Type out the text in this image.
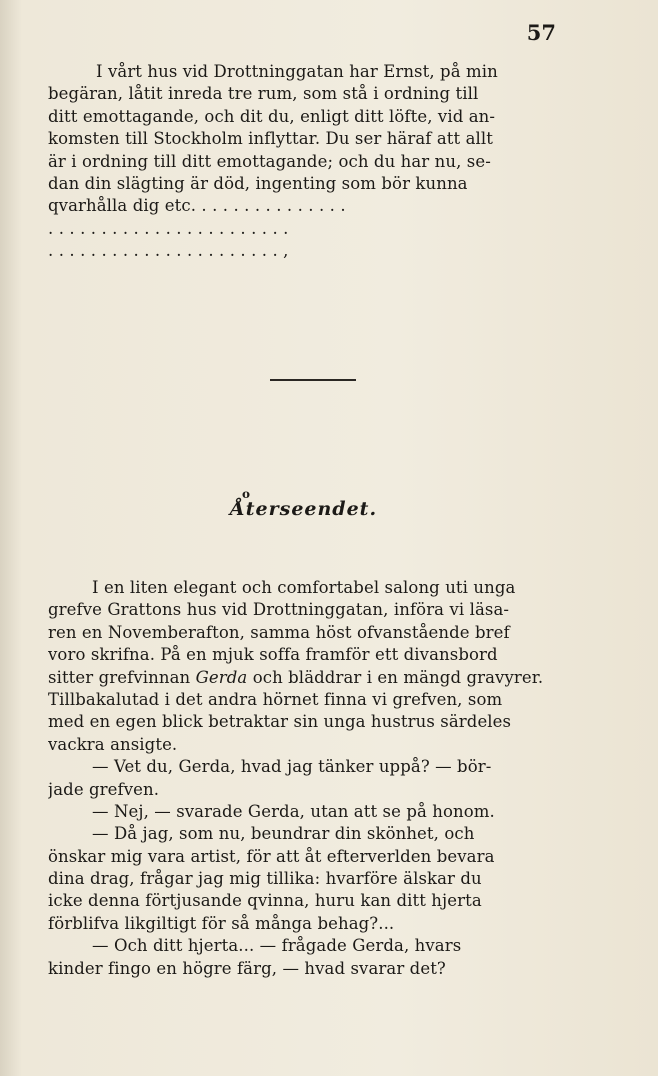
57

I vårt hus vid Drottninggatan har Ernst, på min

begäran, låtit inreda tre rum, som stå i ordning till

ditt emottagande, och dit du, enligt ditt löfte, vid an-

komsten till Stockholm inflyttar. Du ser häraf att allt

är i ordning till ditt emottagande; och du har nu, se-

dan din slägting är död, ingenting som bör kunna

qvarhålla dig etc. . . . . . . . . . . . . . .

. . . . . . . . . . . . . . . . . . . . . . .

. . . . . . . . . . . . . . . . . . . . . . ,

o
Återseendet.

I en liten elegant och comfortabel salong uti unga

grefve Grattons hus vid Drottninggatan, införa vi läsa-

ren en Novemberafton, samma höst ofvanstående bref

voro skrifna. På en mjuk soffa framför ett divansbord

sitter grefvinnan Gerda och bläddrar i en mängd gravyrer.

Tillbakalutad i det andra hörnet finna vi grefven, som

med en egen blick betraktar sin unga hustrus särdeles

vackra ansigte.

— Vet du, Gerda, hvad jag tänker uppå? — bör-

jade grefven.

— Nej, — svarade Gerda, utan att se på honom.

— Då jag, som nu, beundrar din skönhet, och

önskar mig vara artist, för att åt efterverlden bevara

dina drag, frågar jag mig tillika: hvarföre älskar du

icke denna förtjusande qvinna, huru kan ditt hjerta

förblifva likgiltigt för så många behag?...

— Och ditt hjerta... — frågade Gerda, hvars

kinder fingo en högre färg, — hvad svarar det?
